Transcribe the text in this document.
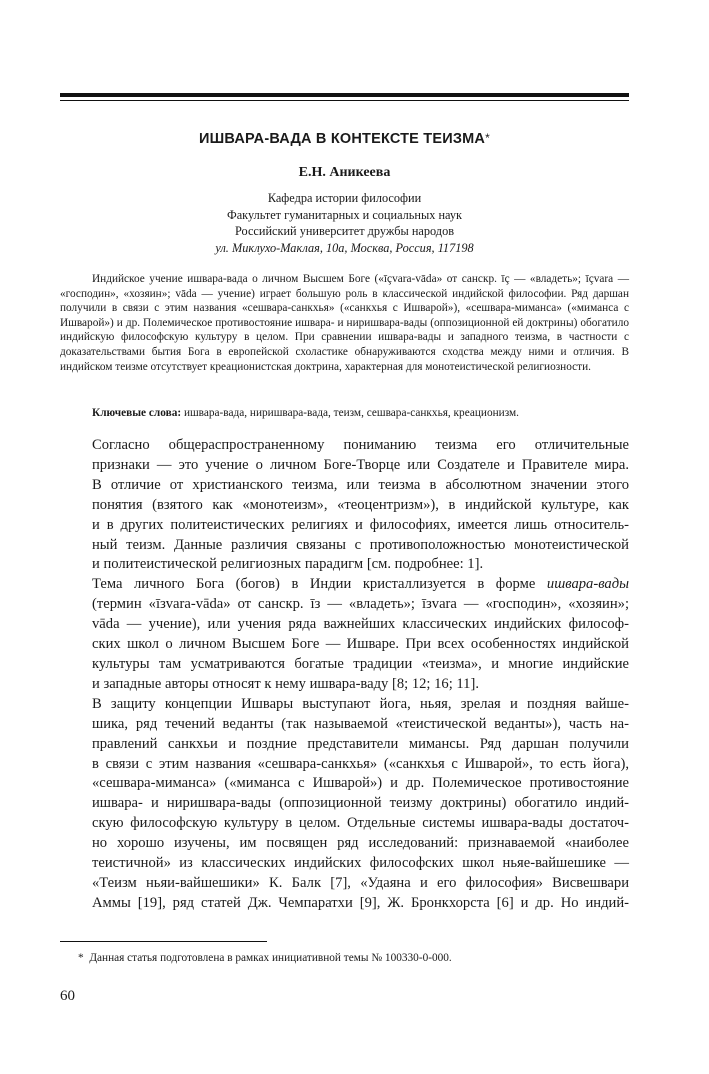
ИШВАРА-ВАДА В КОНТЕКСТЕ ТЕИЗМА*
Е.Н. Аникеева
Кафедра истории философии
Факультет гуманитарных и социальных наук
Российский университет дружбы народов
ул. Миклухо-Маклая, 10а, Москва, Россия, 117198

Индийское учение ишвара-вада о личном Высшем Боге («īçvara-vāda» от санскр. īç — «владеть»; īçvara — «господин», «хозяин»; vāda — учение) играет большую роль в классической индийской философии. Ряд даршан получили в связи с этим названия «сешвара-санкхья» («санкхья с Ишварой»), «сешвара-миманса» («миманса с Ишварой») и др. Полемическое противостояние ишвара- и ниришвара-вады (оппозиционной ей доктрины) обогатило индийскую философскую культуру в целом. При сравнении ишвара-вады и западного теизма, в частности с доказательствами бытия Бога в европейской схоластике обнаруживаются сходства между ними и отличия. В индийском теизме отсутствует креационистская доктрина, характерная для монотеистической религиозности.

Ключевые слова: ишвара-вада, ниришвара-вада, теизм, сешвара-санкхья, креационизм.

Согласно общераспространенному пониманию теизма его отличительные
признаки — это учение о личном Боге-Творце или Создателе и Правителе мира.
В отличие от христианского теизма, или теизма в абсолютном значении этого
понятия (взятого как «монотеизм», «теоцентризм»), в индийской культуре, как
и в других политеистических религиях и философиях, имеется лишь относитель-
ный теизм. Данные различия связаны с противоположностью монотеистической
и политеистической религиозных парадигм [см. подробнее: 1].

Тема личного Бога (богов) в Индии кристаллизуется в форме ишвара-вады
(термин «īзvara-vāda» от санскр. īз — «владеть»; īзvara — «господин», «хозяин»;
vāda — учение), или учения ряда важнейших классических индийских философ-
ских школ о личном Высшем Боге — Ишваре. При всех особенностях индийской
культуры там усматриваются богатые традиции «теизма», и многие индийские
и западные авторы относят к нему ишвара-ваду [8; 12; 16; 11].

В защиту концепции Ишвары выступают йога, ньяя, зрелая и поздняя вайше-
шика, ряд течений веданты (так называемой «теистической веданты»), часть на-
правлений санкхьи и поздние представители мимансы. Ряд даршан получили
в связи с этим названия «сешвара-санкхья» («санкхья с Ишварой», то есть йога),
«сешвара-миманса» («миманса с Ишварой») и др. Полемическое противостояние
ишвара- и ниришвара-вады (оппозиционной теизму доктрины) обогатило индий-
скую философскую культуру в целом. Отдельные системы ишвара-вады достаточ-
но хорошо изучены, им посвящен ряд исследований: признаваемой «наиболее
теистичной» из классических индийских философских школ ньяе-вайшешике —
«Теизм ньяи-вайшешики» К. Балк [7], «Удаяна и его философия» Висвешвари
Аммы [19], ряд статей Дж. Чемпаратхи [9], Ж. Бронкхорста [6] и др. Но индий-

* Данная статья подготовлена в рамках инициативной темы № 100330-0-000.
60
